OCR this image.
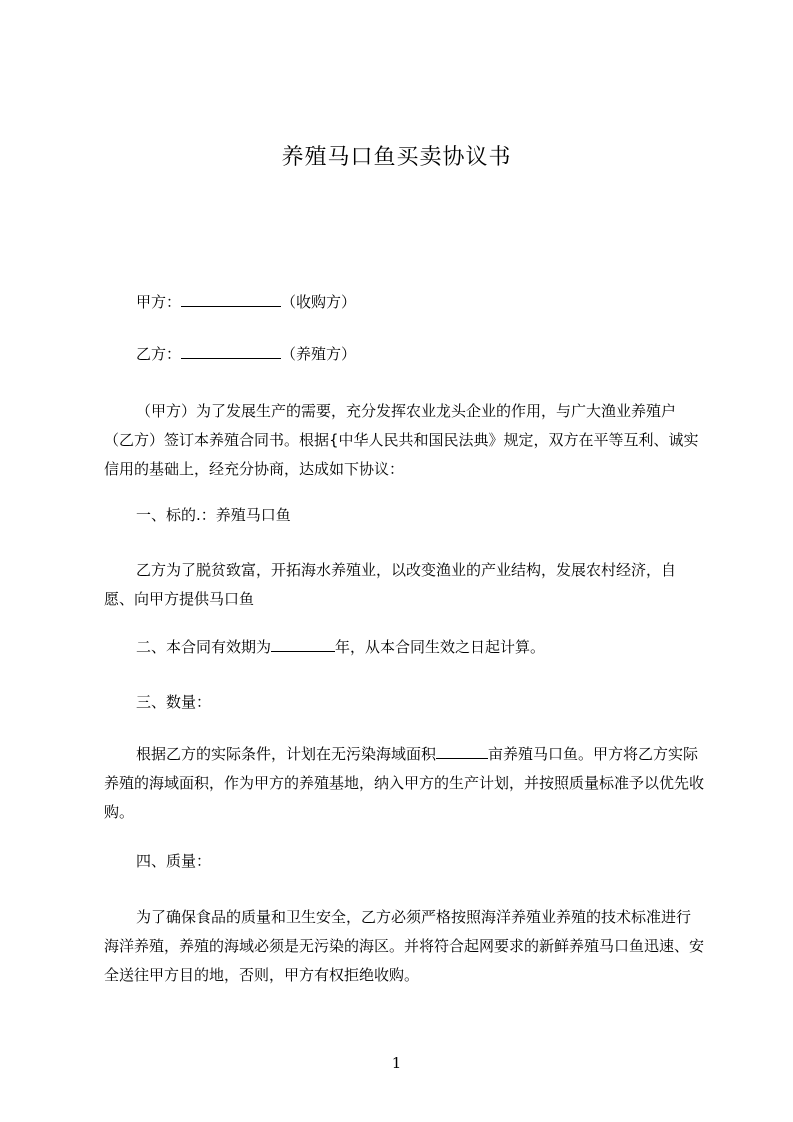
养殖马口鱼买卖协议书
甲方：	（收购方）
乙方：	（养殖方）

（甲方）为了发展生产的需要，充分发挥农业龙头企业的作用，与广大渔业养殖户（乙方）签订本养殖合同书。根据{中华人民共和国民法典》规定，双方在平等互利、诚实信用的基础上，经充分协商，达成如下协议：

一、标的.：养殖马口鱼

乙方为了脱贫致富，开拓海水养殖业，以改变渔业的产业结构，发展农村经济，自愿、向甲方提供马口鱼

二、本合同有效期为	年，从本合同生效之日起计算。
三、数量：

根据乙方的实际条件，计划在无污染海域面积	亩养殖马口鱼。甲方将乙方实际养殖的海域面积，作为甲方的养殖基地，纳入甲方的生产计划，并按照质量标准予以优先收购。

四、质量：

为了确保食品的质量和卫生安全，乙方必须严格按照海洋养殖业养殖的技术标准进行海洋养殖，养殖的海域必须是无污染的海区。并将符合起网要求的新鲜养殖马口鱼迅速、安全送往甲方目的地，否则，甲方有权拒绝收购。

1
